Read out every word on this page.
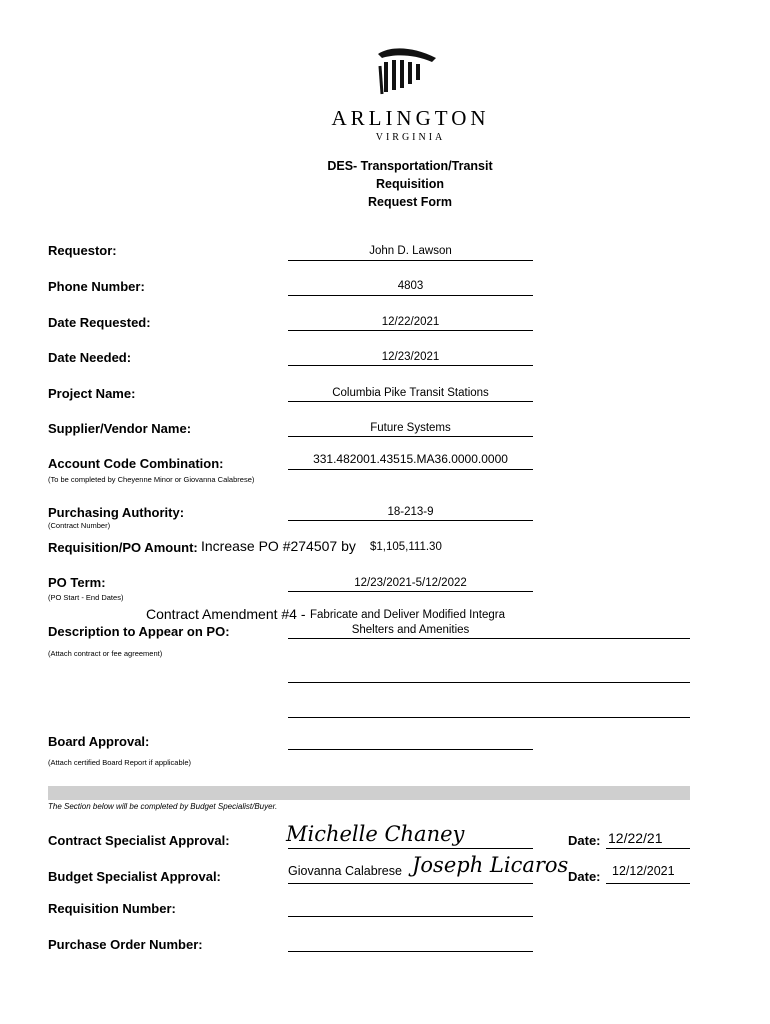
ARLINGTON
VIRGINIA
DES- Transportation/Transit
Requisition
Request Form
Requestor:	John D. Lawson
Phone Number:	4803
Date Requested:	12/22/2021
Date Needed:	12/23/2021
Project Name:	Columbia Pike Transit Stations
Supplier/Vendor Name:	Future Systems
Account Code Combination:
(To be completed by Cheyenne Minor or Giovanna Calabrese)
331.482001.43515.MA36.0000.0000
Purchasing Authority:
(Contract Number)
18-213-9
Requisition/PO Amount: Increase PO #274507 by $1,105,111.30
PO Term:
(PO Start - End Dates)
12/23/2021-5/12/2022
Contract Amendment #4 - Fabricate and Deliver Modified Integra
Description to Appear on PO:	Shelters and Amenities
(Attach contract or fee agreement)
Board Approval:
(Attach certified Board Report if applicable)
The Section below will be completed by Budget Specialist/Buyer.
Contract Specialist Approval:	Michelle Chaney	Date: 12/22/21
Budget Specialist Approval:	Giovanna Calabrese Joseph Licaros Date: 12/12/2021
Requisition Number:
Purchase Order Number:
